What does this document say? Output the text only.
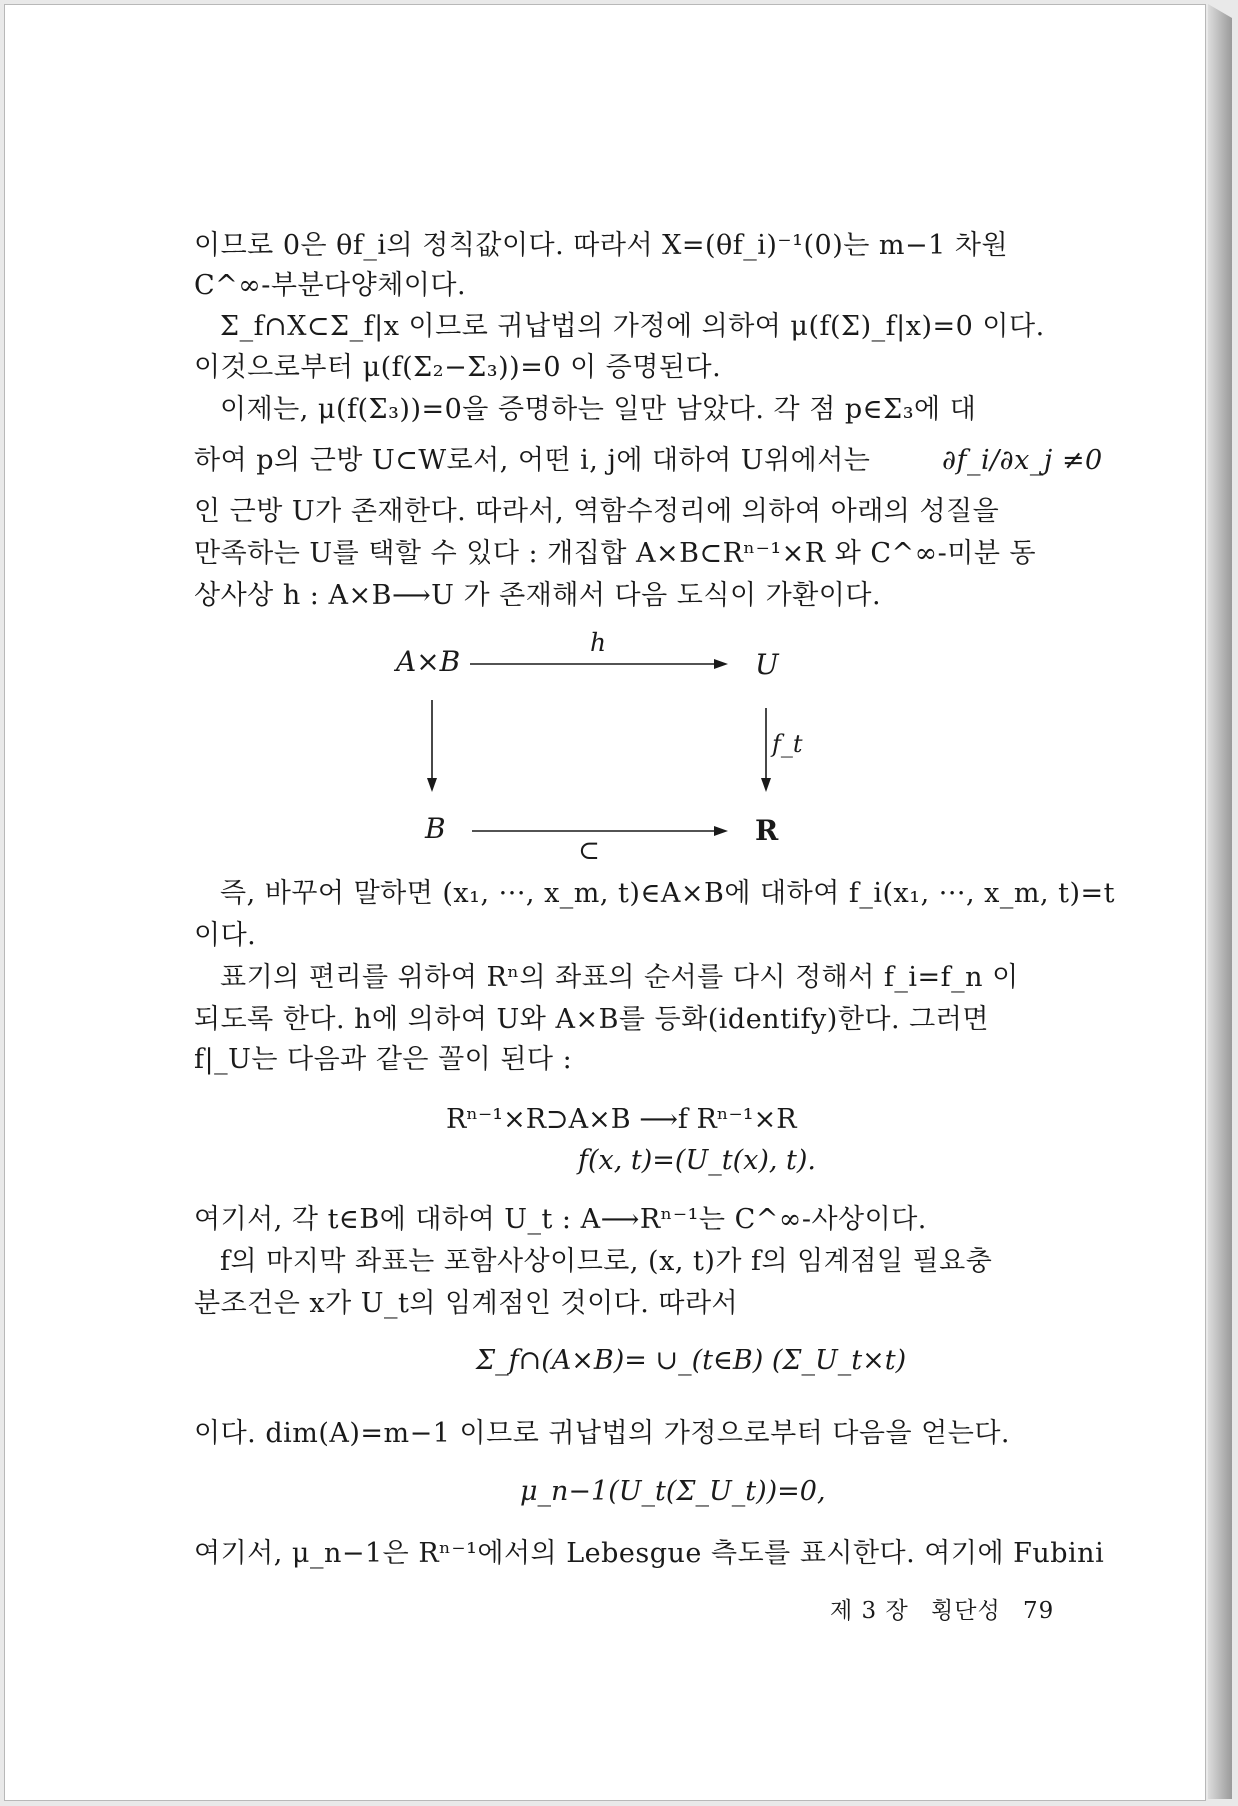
이므로 0은 θf_i의 정칙값이다. 따라서 X=(θf_i)⁻¹(0)는 m−1 차원
C^∞-부분다양체이다.
Σ_f∩X⊂Σ_f|x 이므로 귀납법의 가정에 의하여 μ(f(Σ)_f|x)=0 이다.
이것으로부터 μ(f(Σ₂−Σ₃))=0 이 증명된다.
이제는, μ(f(Σ₃))=0을 증명하는 일만 남았다. 각 점 p∈Σ₃에 대
하여 p의 근방 U⊂W로서, 어떤 i, j에 대하여 U위에서는	∂f_i/∂x_j ≠0
인 근방 U가 존재한다. 따라서, 역함수정리에 의하여 아래의 성질을
만족하는 U를 택할 수 있다 : 개집합 A×B⊂Rⁿ⁻¹×R 와 C^∞-미분 동
상사상 h : A×B⟶U 가 존재해서 다음 도식이 가환이다.
A×B	U
B	R
h
f_t
⊂
즉, 바꾸어 말하면 (x₁, ···, x_m, t)∈A×B에 대하여 f_i(x₁, ···, x_m, t)=t
이다.
표기의 편리를 위하여 Rⁿ의 좌표의 순서를 다시 정해서 f_i=f_n 이
되도록 한다. h에 의하여 U와 A×B를 등화(identify)한다. 그러면
f|_U는 다음과 같은 꼴이 된다 :
Rⁿ⁻¹×R⊃A×B ⟶f Rⁿ⁻¹×R
f(x, t)=(U_t(x), t).
여기서, 각 t∈B에 대하여 U_t : A⟶Rⁿ⁻¹는 C^∞-사상이다.
f의 마지막 좌표는 포함사상이므로, (x, t)가 f의 임계점일 필요충
분조건은 x가 U_t의 임계점인 것이다. 따라서
Σ_f∩(A×B)= ∪_(t∈B) (Σ_U_t×t)
이다. dim(A)=m−1 이므로 귀납법의 가정으로부터 다음을 얻는다.
μ_n−1(U_t(Σ_U_t))=0,
여기서, μ_n−1은 Rⁿ⁻¹에서의 Lebesgue 측도를 표시한다. 여기에 Fubini
제 3 장 횡단성 79
